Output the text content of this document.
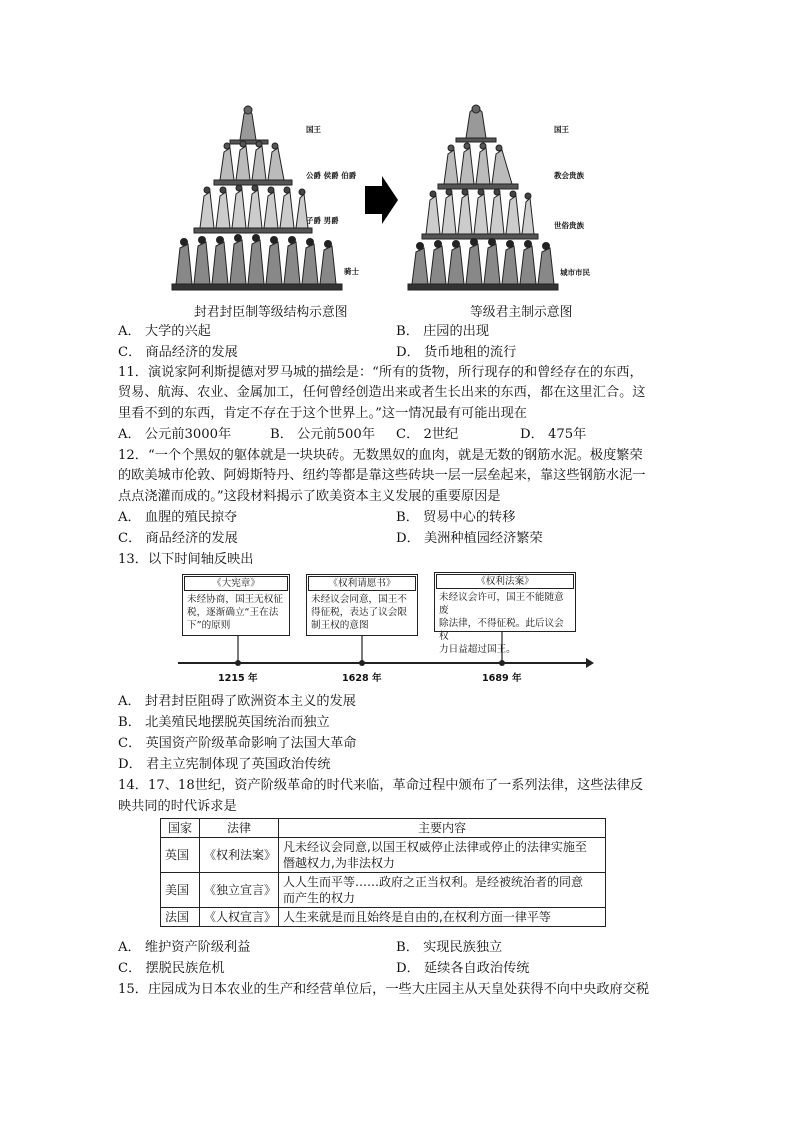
国王
公爵 侯爵 伯爵
子爵 男爵
骑士
国王
教会贵族
世俗贵族
城市市民
封君封臣制等级结构示意图	等级君主制示意图
A． 大学的兴起	B． 庄园的出现
C． 商品经济的发展	D． 货币地租的流行
11．演说家阿利斯提德对罗马城的描绘是：“所有的货物，所行现存的和曾经存在的东西，
贸易、航海、农业、金属加工，任何曾经创造出来或者生长出来的东西，都在这里汇合。这
里看不到的东西，肯定不存在于这个世界上。”这一情况最有可能出现在
A． 公元前3000年	B． 公元前500年 C． 2世纪	D． 475年
12．“一个个黑奴的躯体就是一块块砖。无数黑奴的血肉，就是无数的钢筋水泥。极度繁荣
的欧美城市伦敦、阿姆斯特丹、纽约等都是靠这些砖块一层一层垒起来，靠这些钢筋水泥一
点点浇灌而成的。”这段材料揭示了欧美资本主义发展的重要原因是
A． 血腥的殖民掠夺	B． 贸易中心的转移
C． 商品经济的发展	D． 美洲种植园经济繁荣
13．以下时间轴反映出
《大宪章》
未经协商，国王无权征
税，逐渐确立“王在法
下”的原则
《权利请愿书》
未经议会同意，国王不
得征税，表达了议会限
制王权的意图
《权利法案》
未经议会许可，国王不能随意废
除法律，不得征税。此后议会权
力日益超过国王。
1215 年	1628 年	1689 年
A． 封君封臣阻碍了欧洲资本主义的发展
B． 北美殖民地摆脱英国统治而独立
C． 英国资产阶级革命影响了法国大革命
D． 君主立宪制体现了英国政治传统
14．17、18世纪，资产阶级革命的时代来临，革命过程中颁布了一系列法律，这些法律反
映共同的时代诉求是
国家	法律	主要内容
英国	《权利法案》	凡未经议会同意,以国王权威停止法律或停止的法律实施至
僭越权力,为非法权力

美国	《独立宣言》	人人生而平等……政府之正当权利。是经被统治者的同意
而产生的权力

法国	《人权宣言》	人生来就是而且始终是自由的,在权利方面一律平等
A． 维护资产阶级利益	B． 实现民族独立
C． 摆脱民族危机	D． 延续各自政治传统
15．庄园成为日本农业的生产和经营单位后，一些大庄园主从天皇处获得不向中央政府交税
